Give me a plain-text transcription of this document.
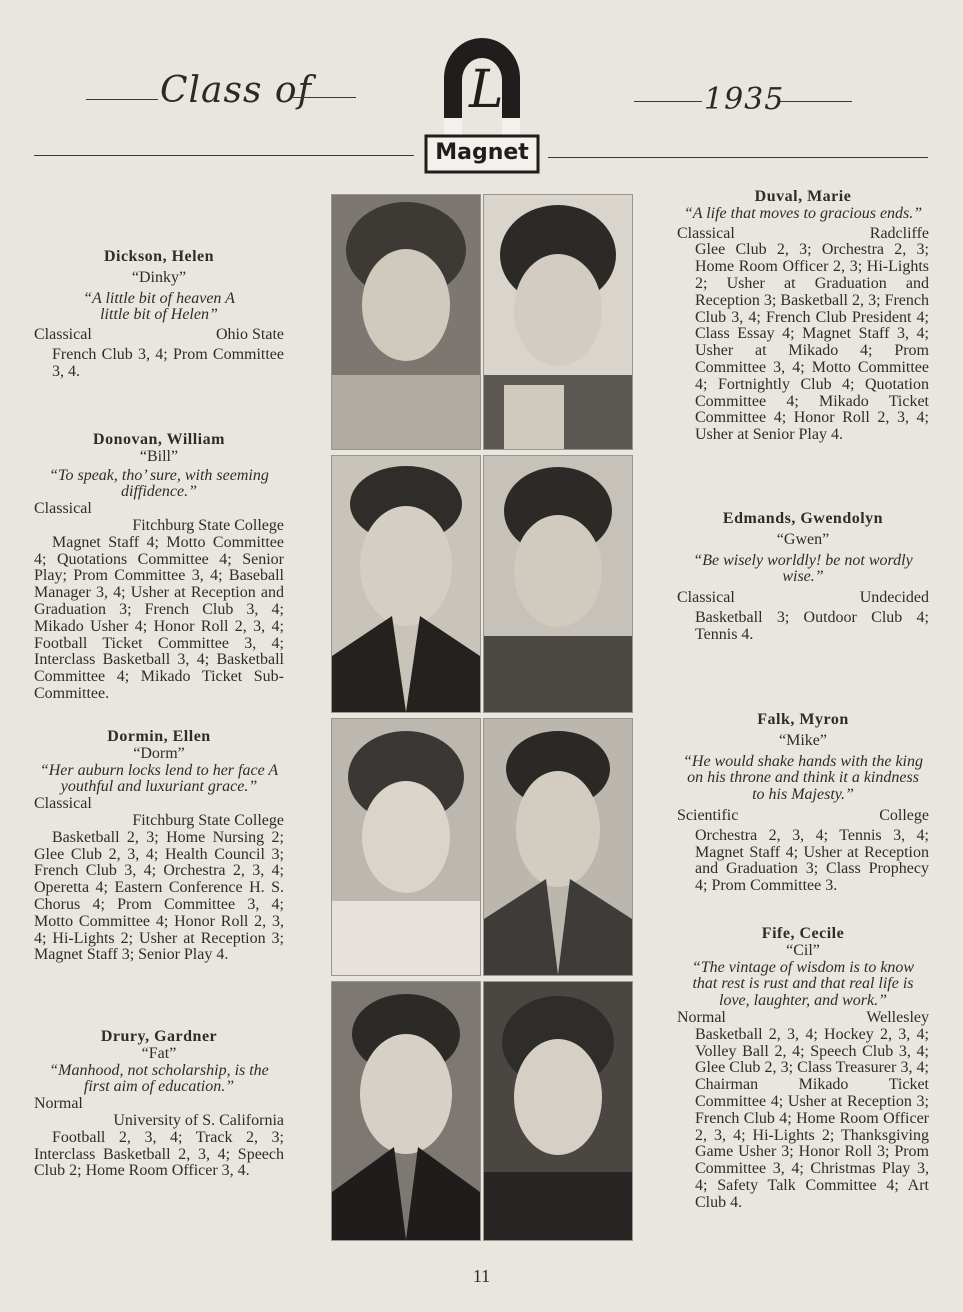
Class of	1935
L
Magnet
Dickson, Helen
“Dinky”
“A little bit of heaven A little bit of Helen”
Classical	Ohio State
French Club 3, 4; Prom Committee 3, 4.
Donovan, William
“Bill”
“To speak, tho’ sure, with seeming diffidence.”
Classical
Fitchburg State College
Magnet Staff 4; Motto Committee 4; Quotations Committee 4; Senior Play; Prom Committee 3, 4; Baseball Manager 3, 4; Usher at Reception and Graduation 3; French Club 3, 4; Mikado Usher 4; Honor Roll 2, 3, 4; Football Ticket Committee 3, 4; Interclass Basketball 3, 4; Basketball Committee 4; Mikado Ticket Sub-Committee.
Dormin, Ellen
“Dorm”
“Her auburn locks lend to her face A youthful and luxuriant grace.”
Classical
Fitchburg State College
Basketball 2, 3; Home Nursing 2; Glee Club 2, 3, 4; Health Council 3; French Club 3, 4; Orchestra 2, 3, 4; Operetta 4; Eastern Conference H. S. Chorus 4; Prom Committee 3, 4; Motto Committee 4; Honor Roll 2, 3, 4; Hi-Lights 2; Usher at Reception 3; Magnet Staff 3; Senior Play 4.
Drury, Gardner
“Fat”
“Manhood, not scholarship, is the first aim of education.”
Normal
University of S. California
Football 2, 3, 4; Track 2, 3; Interclass Basketball 2, 3, 4; Speech Club 2; Home Room Officer 3, 4.
Duval, Marie
“A life that moves to gracious ends.”
Classical	Radcliffe
Glee Club 2, 3; Orchestra 2, 3; Home Room Officer 2, 3; Hi-Lights 2; Usher at Graduation and Reception 3; Basketball 2, 3; French Club 3, 4; French Club President 4; Class Essay 4; Magnet Staff 3, 4; Usher at Mikado 4; Prom Committee 3, 4; Motto Committee 4; Fortnightly Club 4; Quotation Committee 4; Mikado Ticket Committee 4; Honor Roll 2, 3, 4; Usher at Senior Play 4.
Edmands, Gwendolyn
“Gwen”
“Be wisely worldly! be not wordly wise.”
Classical	Undecided
Basketball 3; Outdoor Club 4; Tennis 4.
Falk, Myron
“Mike”
“He would shake hands with the king on his throne and think it a kindness to his Majesty.”
Scientific	College
Orchestra 2, 3, 4; Tennis 3, 4; Magnet Staff 4; Usher at Reception and Graduation 3; Class Prophecy 4; Prom Committee 3.
Fife, Cecile
“Cil”
“The vintage of wisdom is to know that rest is rust and that real life is love, laughter, and work.”
Normal	Wellesley
Basketball 2, 3, 4; Hockey 2, 3, 4; Volley Ball 2, 4; Speech Club 3, 4; Glee Club 2, 3; Class Treasurer 3, 4; Chairman Mikado Ticket Committee 4; Usher at Reception 3; French Club 4; Home Room Officer 2, 3, 4; Hi-Lights 2; Thanksgiving Game Usher 3; Honor Roll 3; Prom Committee 3, 4; Christmas Play 3, 4; Safety Talk Committee 4; Art Club 4.
11
